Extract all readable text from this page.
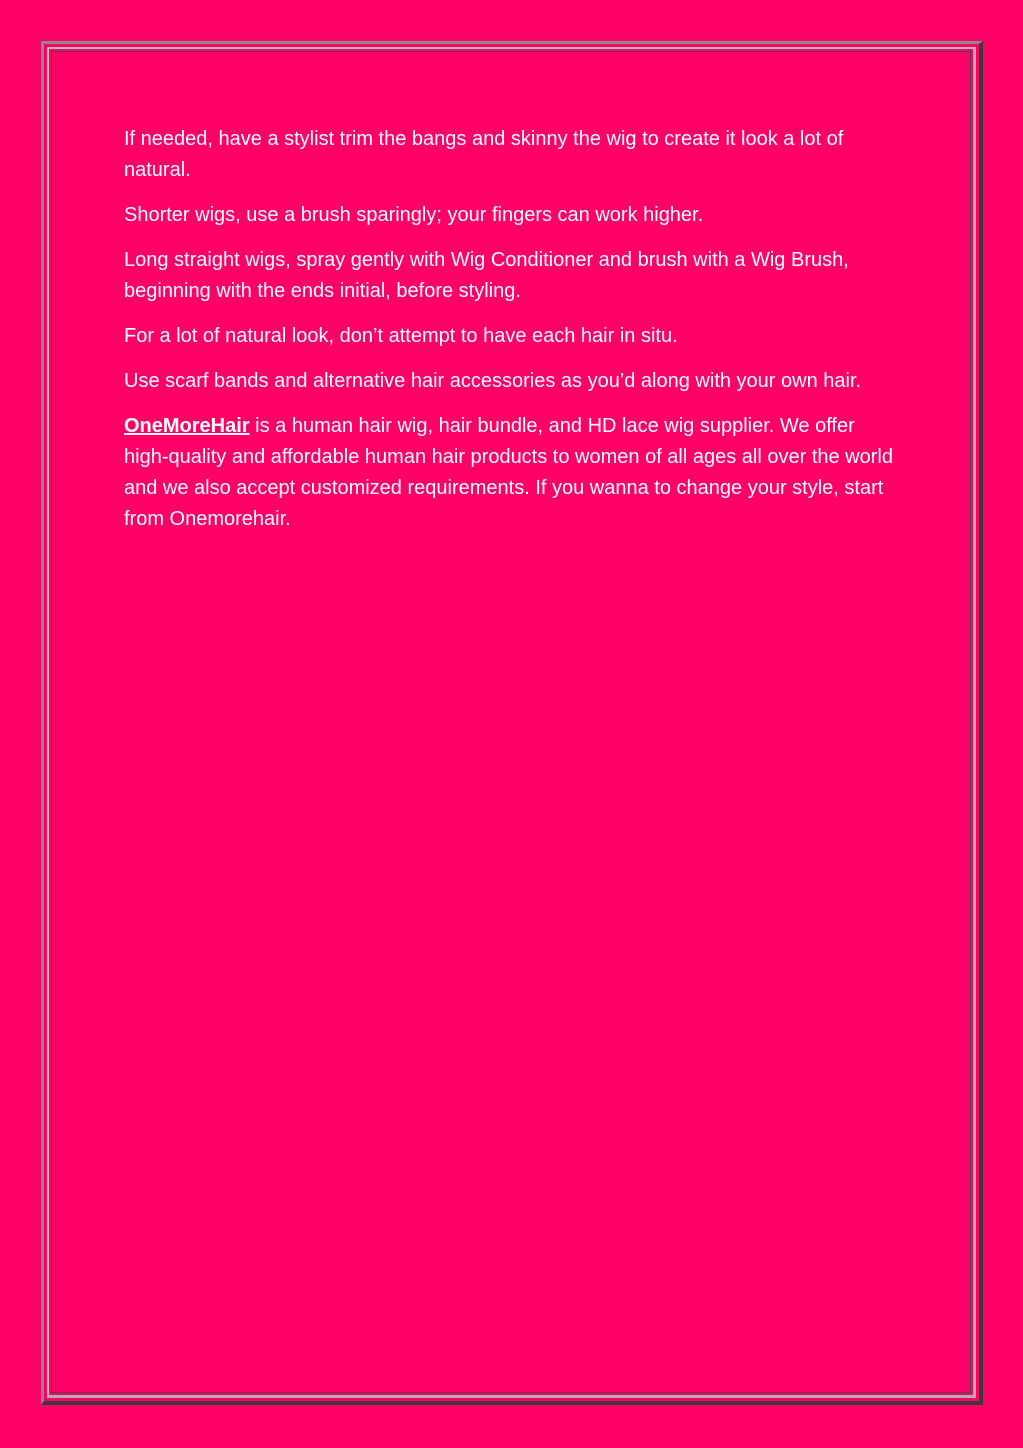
If needed, have a stylist trim the bangs and skinny the wig to create it look a lot of natural.

Shorter wigs, use a brush sparingly; your fingers can work higher.

Long straight wigs, spray gently with Wig Conditioner and brush with a Wig Brush, beginning with the ends initial, before styling.

For a lot of natural look, don’t attempt to have each hair in situ.

Use scarf bands and alternative hair accessories as you’d along with your own hair.

OneMoreHair is a human hair wig, hair bundle, and HD lace wig supplier. We offer high-quality and affordable human hair products to women of all ages all over the world and we also accept customized requirements. If you wanna to change your style, start from Onemorehair.
